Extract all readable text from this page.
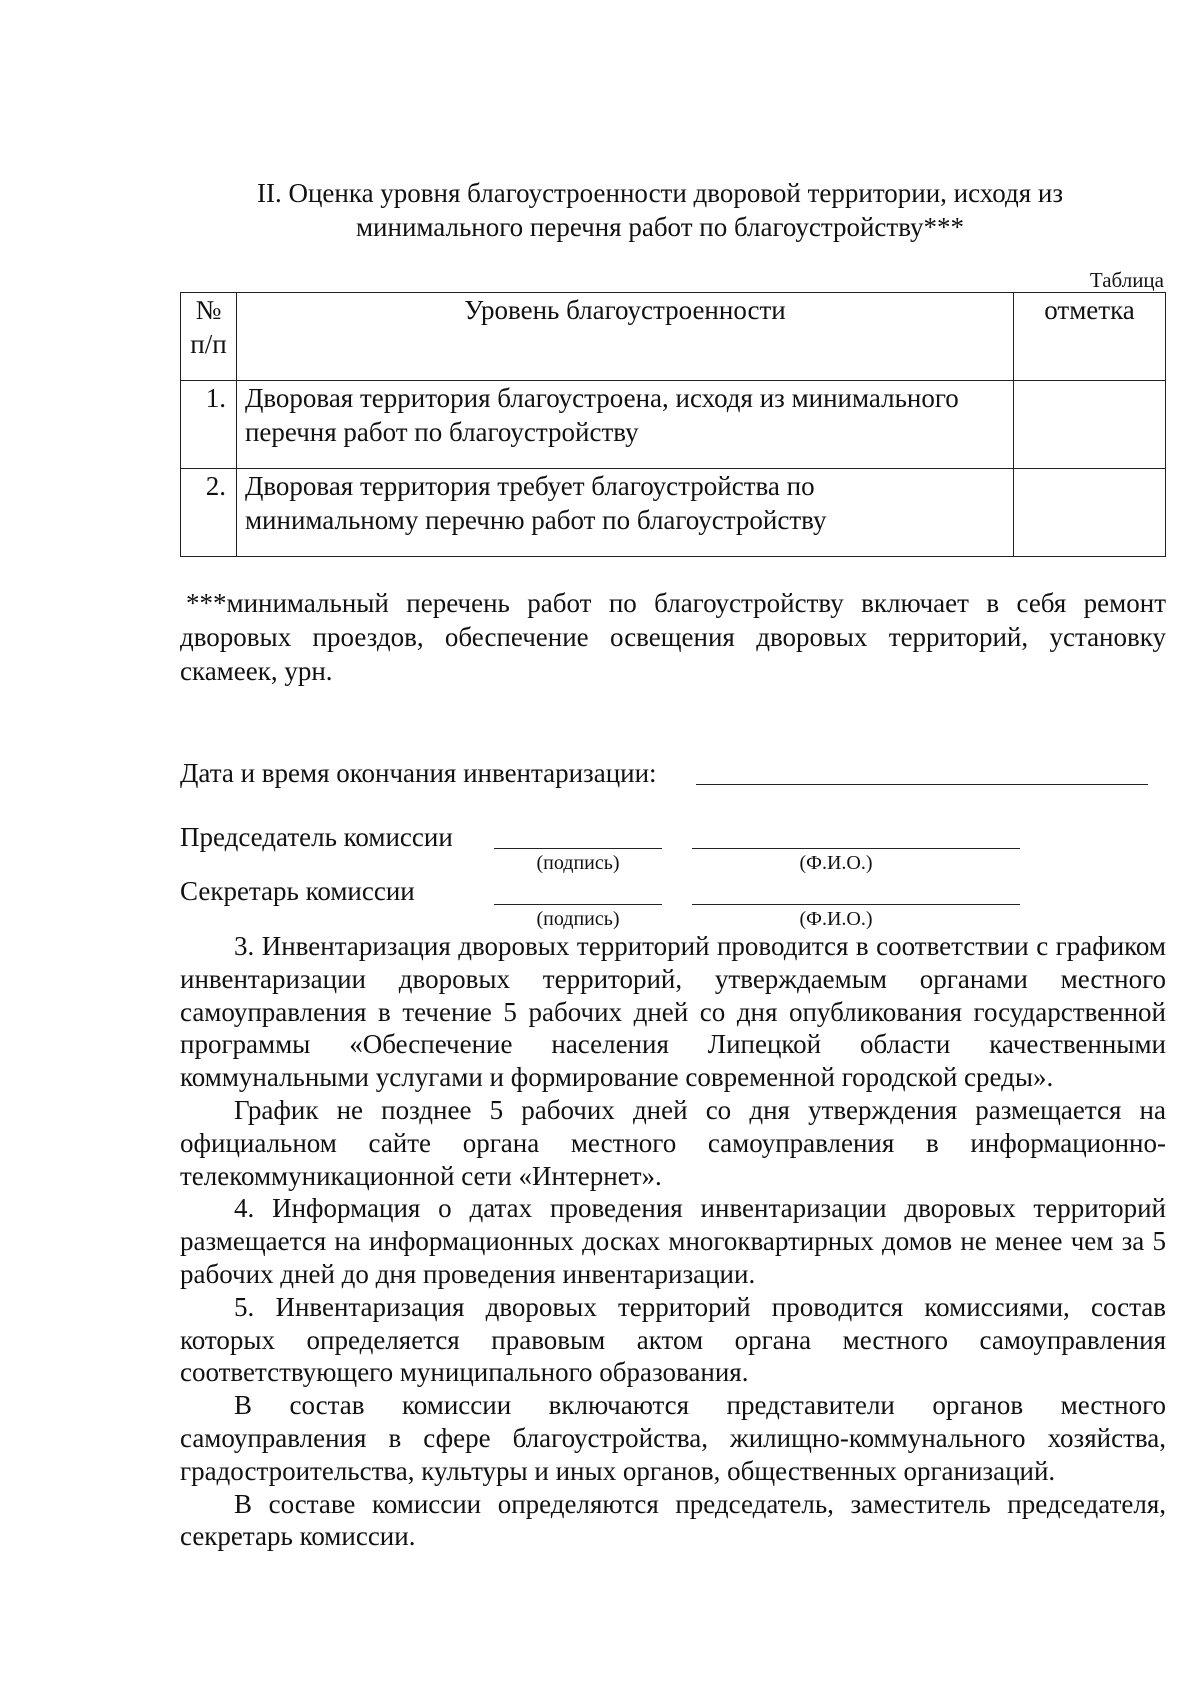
II. Оценка уровня благоустроенности дворовой территории, исходя из
минимального перечня работ по благоустройству***
Таблица
№
п/п	Уровень благоустроенности	отметка
1.	Дворовая территория благоустроена, исходя из минимального
перечня работ по благоустройству	

2.	Дворовая территория требует благоустройства по
минимальному перечню работ по благоустройству	

***минимальный перечень работ по благоустройству включает в себя ремонт дворовых проездов, обеспечение освещения дворовых территорий, установку скамеек, урн.
Дата и время окончания инвентаризации:
Председатель комиссии
(подпись)	(Ф.И.О.)
Секретарь комиссии
(подпись)	(Ф.И.О.)

3. Инвентаризация дворовых территорий проводится в соответствии с графиком инвентаризации дворовых территорий, утверждаемым органами местного самоуправления в течение 5 рабочих дней со дня опубликования государственной программы «Обеспечение населения Липецкой области качественными коммунальными услугами и формирование современной городской среды».

График не позднее 5 рабочих дней со дня утверждения размещается на официальном сайте органа местного самоуправления в информационно-телекоммуникационной сети «Интернет».

4. Информация о датах проведения инвентаризации дворовых территорий размещается на информационных досках многоквартирных домов не менее чем за 5 рабочих дней до дня проведения инвентаризации.

5. Инвентаризация дворовых территорий проводится комиссиями, состав которых определяется правовым актом органа местного самоуправления соответствующего муниципального образования.

В состав комиссии включаются представители органов местного самоуправления в сфере благоустройства, жилищно-коммунального хозяйства, градостроительства, культуры и иных органов, общественных организаций.

В составе комиссии определяются председатель, заместитель председателя, секретарь комиссии.
